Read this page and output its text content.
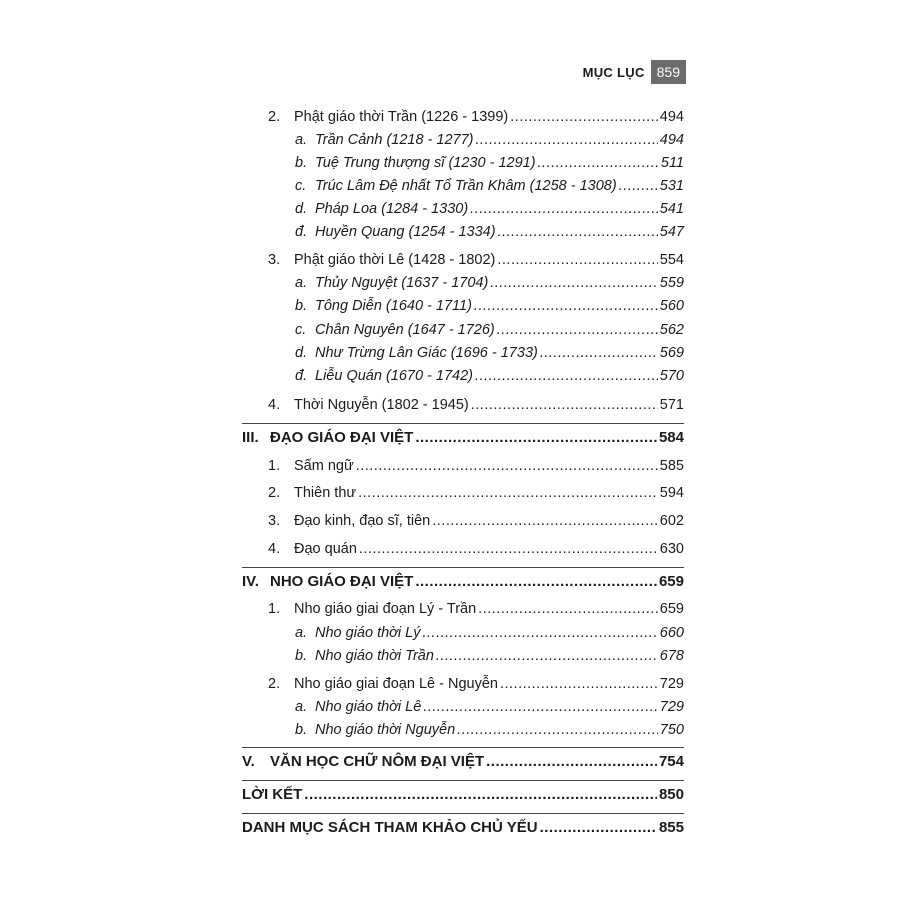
MỤC LỤC 859
2. Phật giáo thời Trần (1226 - 1399) .....	494
a. Trần Cảnh (1218 - 1277) .....	494
b. Tuệ Trung thượng sĩ (1230 - 1291) .....	511
c. Trúc Lâm Đệ nhất Tổ Trần Khâm (1258 - 1308) .....	531
d. Pháp Loa (1284 - 1330) .....	541
đ. Huyền Quang (1254 - 1334) .....	547
3. Phật giáo thời Lê (1428 - 1802) .....	554
a. Thủy Nguyệt (1637 - 1704) .....	559
b. Tông Diễn (1640 - 1711) .....	560
c. Chân Nguyên (1647 - 1726) .....	562
d. Như Trừng Lân Giác (1696 - 1733) .....	569
đ. Liễu Quán (1670 - 1742) .....	570
4. Thời Nguyễn (1802 - 1945) .....	571
III. ĐẠO GIÁO ĐẠI VIỆT .....	584
1. Sấm ngữ .....	585
2. Thiên thư .....	594
3. Đạo kinh, đạo sĩ, tiên .....	602
4. Đạo quán .....	630
IV. NHO GIÁO ĐẠI VIỆT .....	659
1. Nho giáo giai đoạn Lý - Trần .....	659
a. Nho giáo thời Lý .....	660
b. Nho giáo thời Trần .....	678
2. Nho giáo giai đoạn Lê - Nguyễn .....	729
a. Nho giáo thời Lê .....	729
b. Nho giáo thời Nguyễn .....	750
V.	VĂN HỌC CHỮ NÔM ĐẠI VIỆT .....	754
LỜI KẾT .....	850
DANH MỤC SÁCH THAM KHẢO CHỦ YẾU .....	855
